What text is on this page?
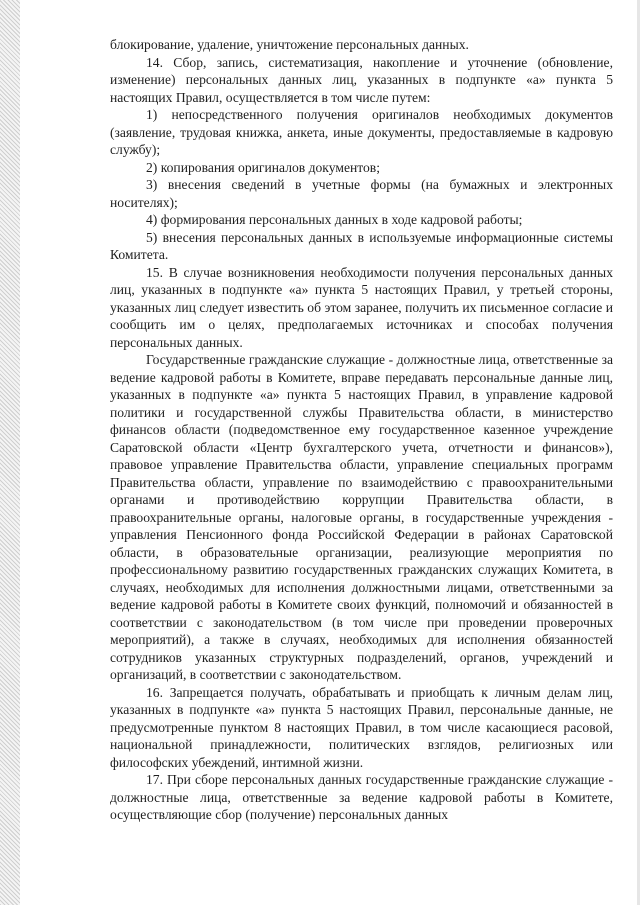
блокирование, удаление, уничтожение персональных данных.

14. Сбор, запись, систематизация, накопление и уточнение (обновление, изменение) персональных данных лиц, указанных в подпункте «а» пункта 5 настоящих Правил, осуществляется в том числе путем:

1) непосредственного получения оригиналов необходимых документов (заявление, трудовая книжка, анкета, иные документы, предоставляемые в кадровую службу);

2) копирования оригиналов документов;

3) внесения сведений в учетные формы (на бумажных и электронных носителях);

4) формирования персональных данных в ходе кадровой работы;

5) внесения персональных данных в используемые информационные системы Комитета.

15. В случае возникновения необходимости получения персональных данных лиц, указанных в подпункте «а» пункта 5 настоящих Правил, у третьей стороны, указанных лиц следует известить об этом заранее, получить их письменное согласие и сообщить им о целях, предполагаемых источниках и способах получения персональных данных.

Государственные гражданские служащие - должностные лица, ответственные за ведение кадровой работы в Комитете, вправе передавать персональные данные лиц, указанных в подпункте «а» пункта 5 настоящих Правил, в управление кадровой политики и государственной службы Правительства области, в министерство финансов области (подведомственное ему государственное казенное учреждение Саратовской области «Центр бухгалтерского учета, отчетности и финансов»), правовое управление Правительства области, управление специальных программ Правительства области, управление по взаимодействию с правоохранительными органами и противодействию коррупции Правительства области, в правоохранительные органы, налоговые органы, в государственные учреждения - управления Пенсионного фонда Российской Федерации в районах Саратовской области, в образовательные организации, реализующие мероприятия по профессиональному развитию государственных гражданских служащих Комитета, в случаях, необходимых для исполнения должностными лицами, ответственными за ведение кадровой работы в Комитете своих функций, полномочий и обязанностей в соответствии с законодательством (в том числе при проведении проверочных мероприятий), а также в случаях, необходимых для исполнения обязанностей сотрудников указанных структурных подразделений, органов, учреждений и организаций, в соответствии с законодательством.

16. Запрещается получать, обрабатывать и приобщать к личным делам лиц, указанных в подпункте «а» пункта 5 настоящих Правил, персональные данные, не предусмотренные пунктом 8 настоящих Правил, в том числе касающиеся расовой, национальной принадлежности, политических взглядов, религиозных или философских убеждений, интимной жизни.

17. При сборе персональных данных государственные гражданские служащие - должностные лица, ответственные за ведение кадровой работы в Комитете, осуществляющие сбор (получение) персональных данных
